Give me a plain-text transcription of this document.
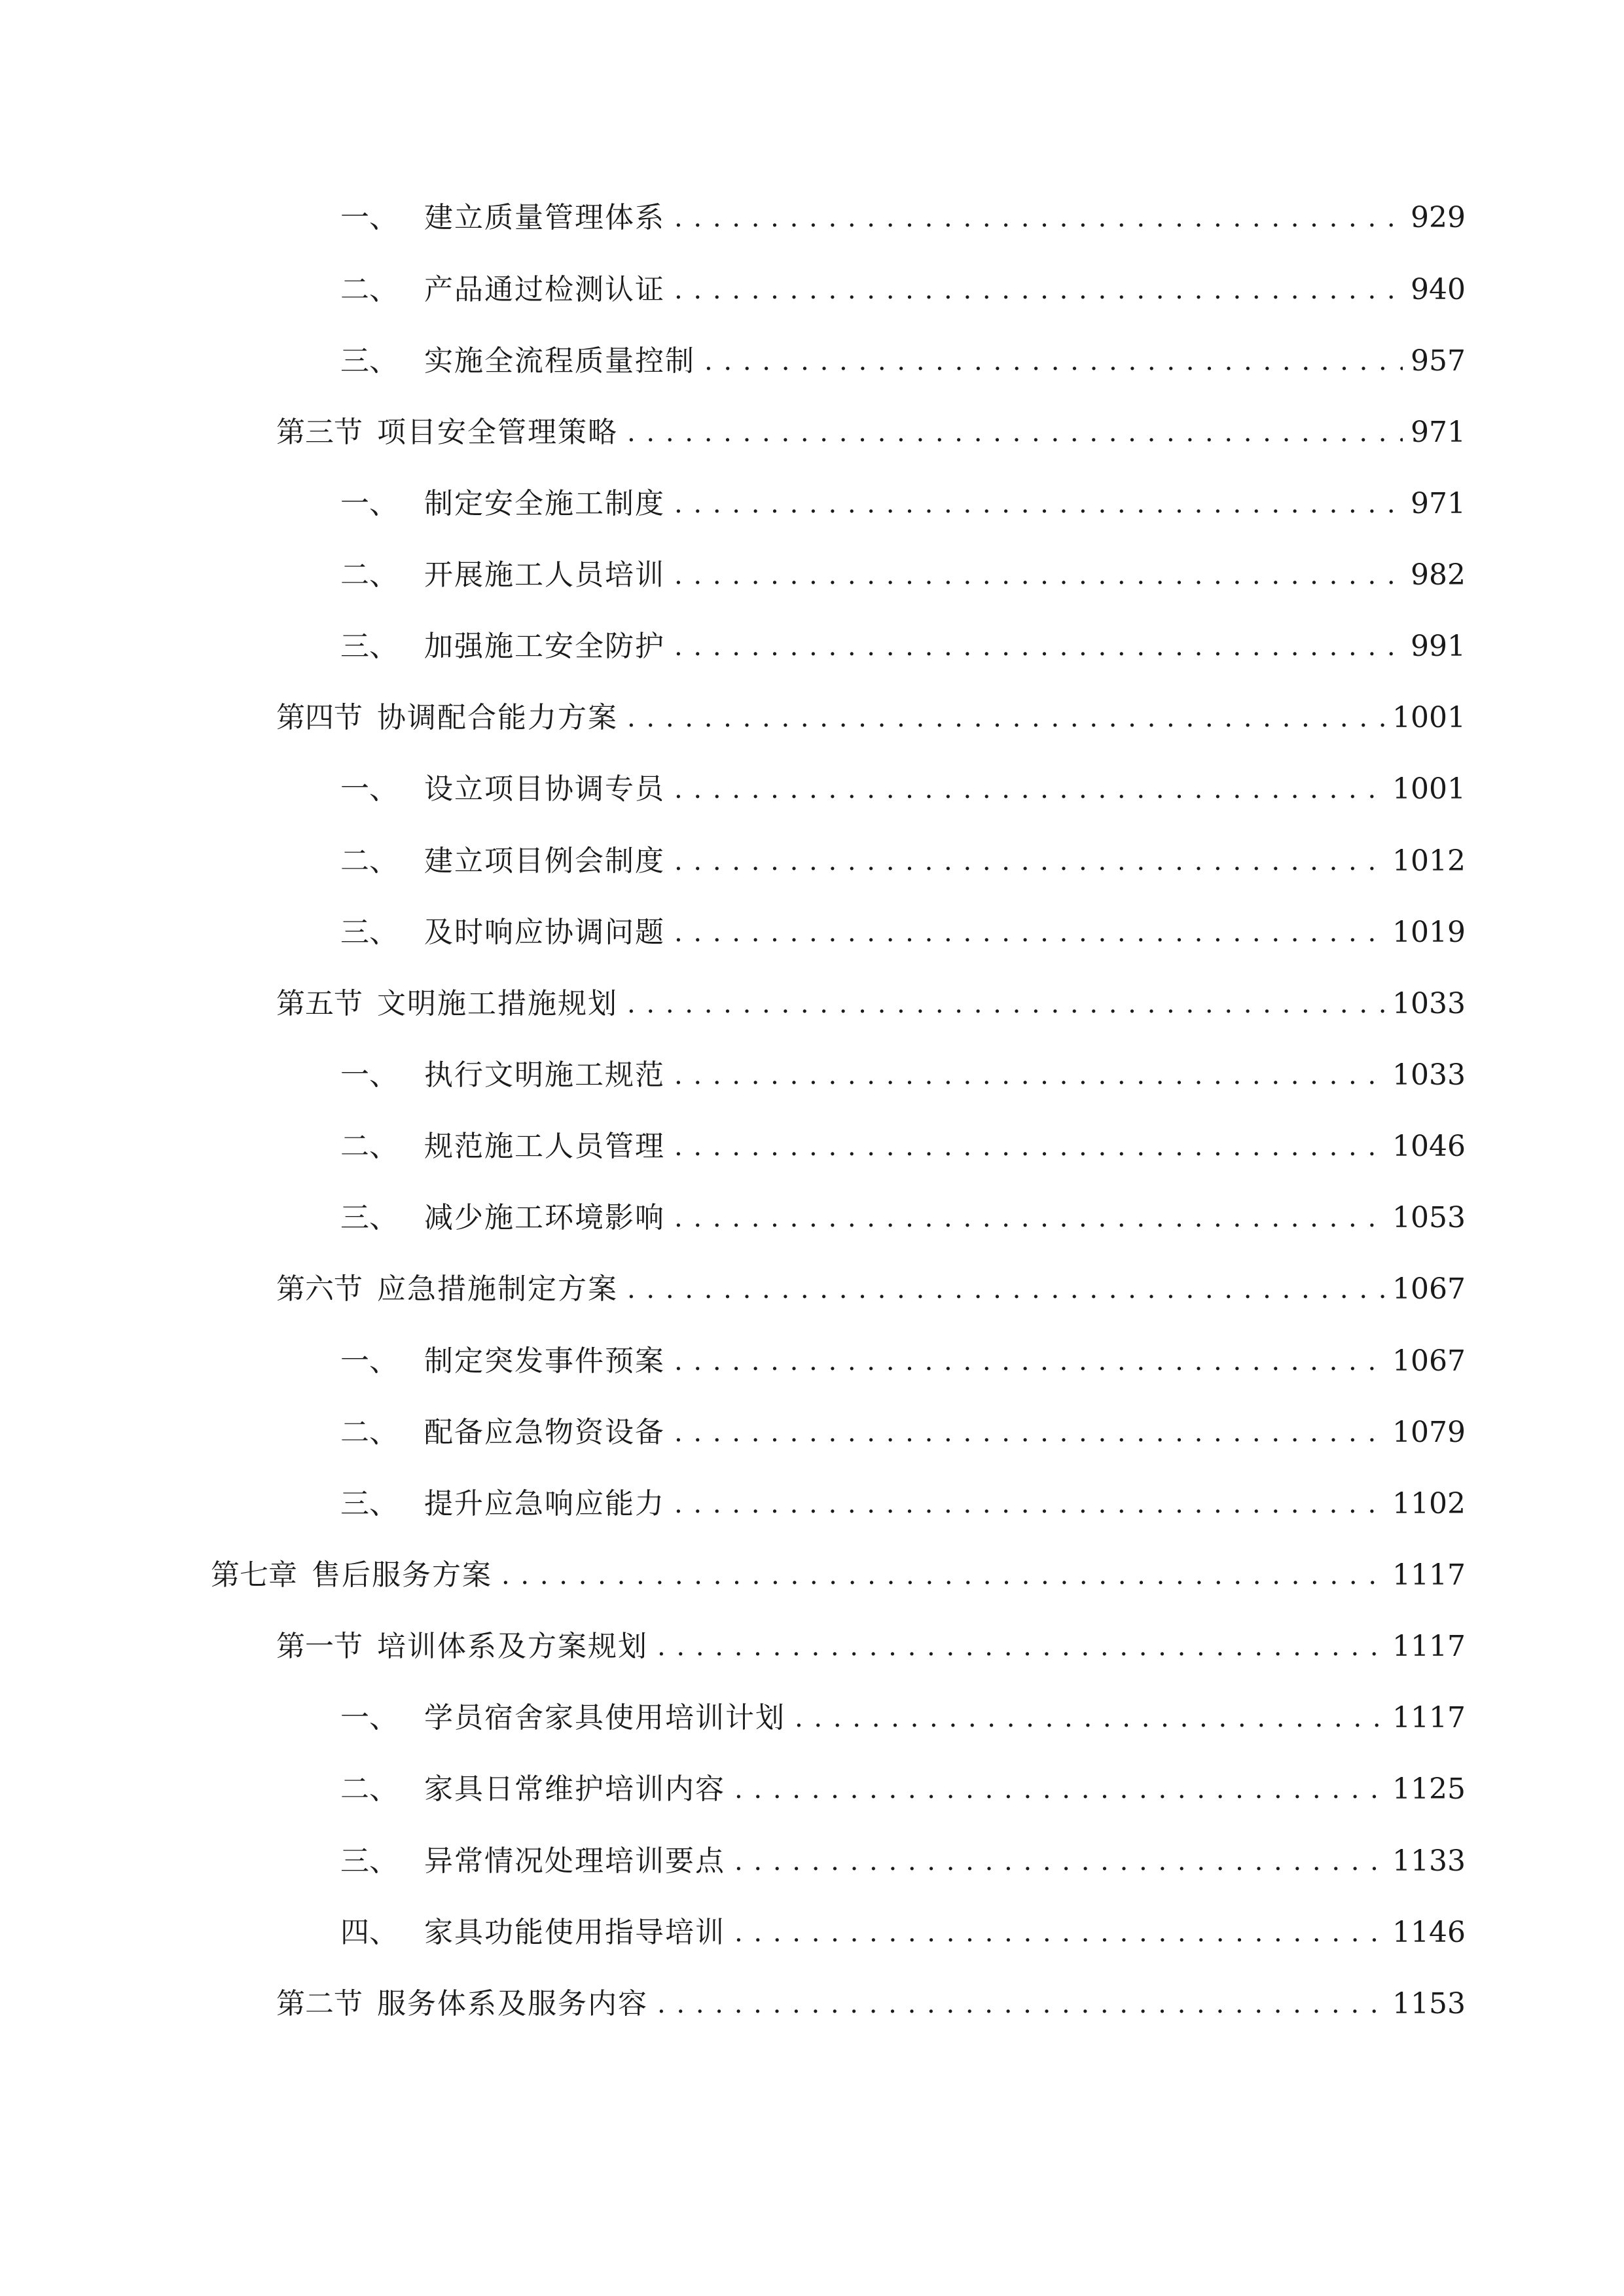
一、 建立质量管理体系 . . .	929
二、 产品通过检测认证 . . .	940
三、 实施全流程质量控制 . . .	957
第三节 项目安全管理策略 . . .	971
一、 制定安全施工制度 . . .	971
二、 开展施工人员培训 . . .	982
三、 加强施工安全防护 . . .	991
第四节 协调配合能力方案 . . .	1001
一、 设立项目协调专员 . . .	1001
二、 建立项目例会制度 . . .	1012
三、 及时响应协调问题 . . .	1019
第五节 文明施工措施规划 . . .	1033
一、 执行文明施工规范 . . .	1033
二、 规范施工人员管理 . . .	1046
三、 减少施工环境影响 . . .	1053
第六节 应急措施制定方案 . . .	1067
一、 制定突发事件预案 . . .	1067
二、 配备应急物资设备 . . .	1079
三、 提升应急响应能力 . . .	1102
第七章 售后服务方案 . . .	1117
第一节 培训体系及方案规划 . . .	1117
一、 学员宿舍家具使用培训计划 . . .	1117
二、 家具日常维护培训内容 . . .	1125
三、 异常情况处理培训要点 . . .	1133
四、 家具功能使用指导培训 . . .	1146
第二节 服务体系及服务内容 . . .	1153
